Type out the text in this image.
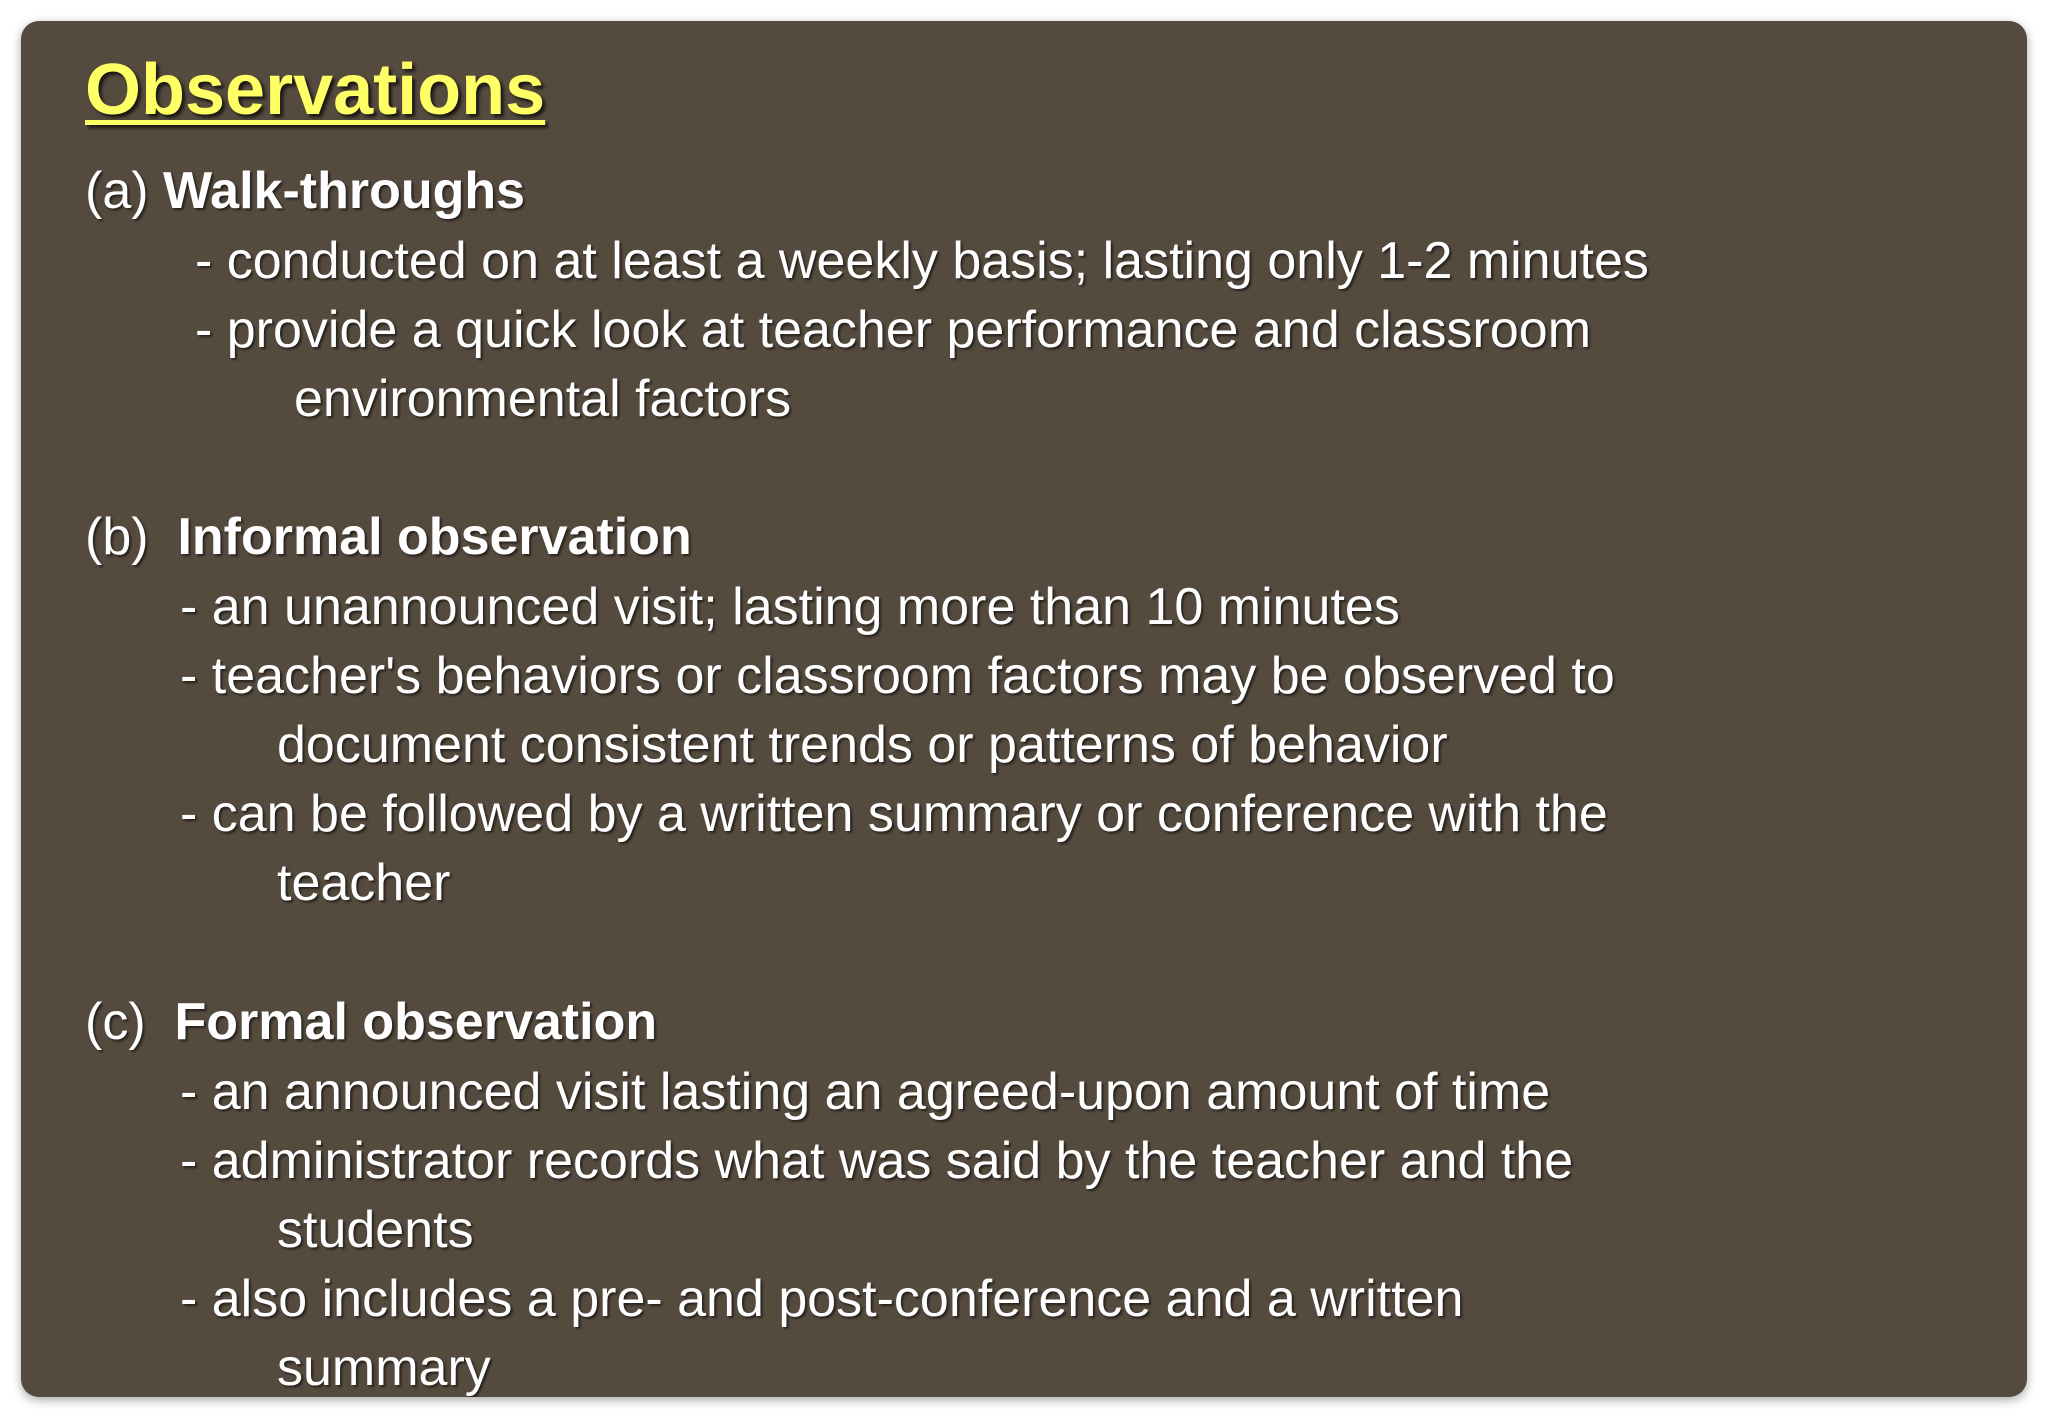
Observations

(a) Walk-throughs

- conducted on at least a weekly basis; lasting only 1-2 minutes

- provide a quick look at teacher performance and classroom

environmental factors

(b) Informal observation

- an unannounced visit; lasting more than 10 minutes

- teacher's behaviors or classroom factors may be observed to

document consistent trends or patterns of behavior

- can be followed by a written summary or conference with the

teacher

(c) Formal observation

- an announced visit lasting an agreed-upon amount of time

- administrator records what was said by the teacher and the

students

- also includes a pre- and post-conference and a written

summary
